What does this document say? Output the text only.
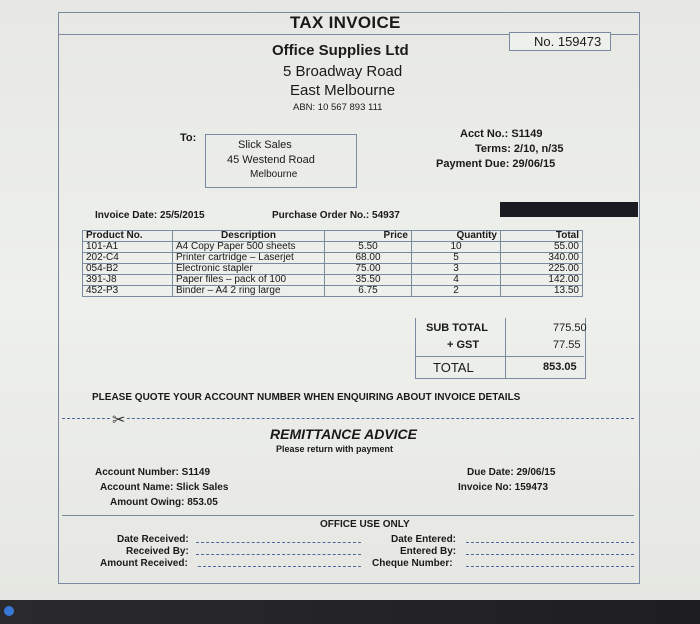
TAX INVOICE
No. 159473
Office Supplies Ltd
5 Broadway Road
East Melbourne
ABN: 10 567 893 111
To:
Slick Sales
45 Westend Road
Melbourne
Acct No.: S1149
Terms: 2/10, n/35
Payment Due: 29/06/15
Invoice Date: 25/5/2015	Purchase Order No.: 54937
Product No.	Description	Price	Quantity	Total
101-A1	A4 Copy Paper 500 sheets	5.50	10	55.00
202-C4	Printer cartridge – Laserjet	68.00	5	340.00
054-B2	Electronic stapler	75.00	3	225.00
391-J8	Paper files – pack of 100	35.50	4	142.00
452-P3	Binder – A4 2 ring large	6.75	2	13.50
SUB TOTAL	775.50
+ GST	77.55
TOTAL	853.05
PLEASE QUOTE YOUR ACCOUNT NUMBER WHEN ENQUIRING ABOUT INVOICE DETAILS
✂
REMITTANCE ADVICE
Please return with payment
Account Number: S1149
Account Name: Slick Sales
Amount Owing: 853.05
Due Date: 29/06/15
Invoice No: 159473
OFFICE USE ONLY
Date Received:
Received By:
Amount Received:
Date Entered:
Entered By:
Cheque Number:
